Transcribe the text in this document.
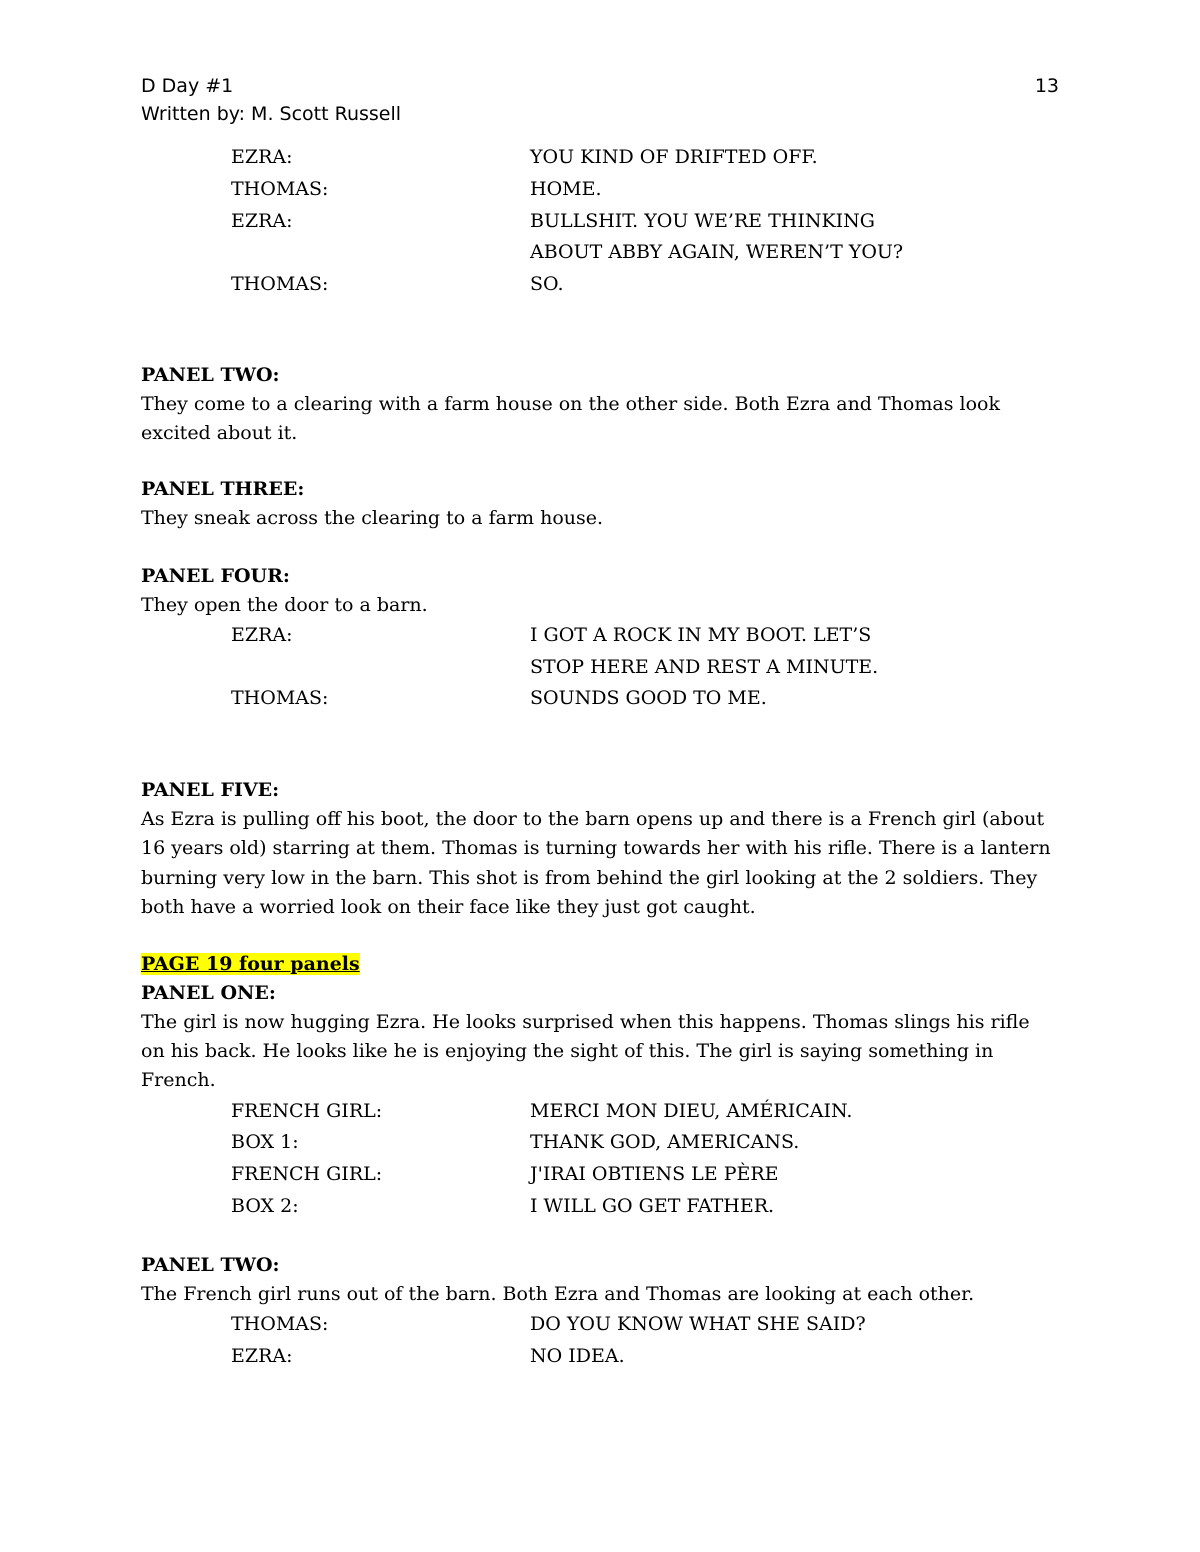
D Day #1
Written by: M. Scott Russell
13
EZRA:	YOU KIND OF DRIFTED OFF.
THOMAS:	HOME.
EZRA:	BULLSHIT. YOU WE’RE THINKING ABOUT ABBY AGAIN, WEREN’T YOU?
THOMAS:	SO.
PANEL TWO:
They come to a clearing with a farm house on the other side. Both Ezra and Thomas look excited about it.
PANEL THREE:
They sneak across the clearing to a farm house.
PANEL FOUR:
They open the door to a barn.
EZRA:	I GOT A ROCK IN MY BOOT. LET’S STOP HERE AND REST A MINUTE.
THOMAS:	SOUNDS GOOD TO ME.
PANEL FIVE:
As Ezra is pulling off his boot, the door to the barn opens up and there is a French girl (about 16 years old) starring at them. Thomas is turning towards her with his rifle. There is a lantern burning very low in the barn. This shot is from behind the girl looking at the 2 soldiers. They both have a worried look on their face like they just got caught.
PAGE 19 four panels
PANEL ONE:
The girl is now hugging Ezra. He looks surprised when this happens. Thomas slings his rifle on his back. He looks like he is enjoying the sight of this. The girl is saying something in French.
FRENCH GIRL:	MERCI MON DIEU, AMÉRICAIN.
BOX 1:	THANK GOD, AMERICANS.
FRENCH GIRL:	J'IRAI OBTIENS LE PÈRE
BOX 2:	I WILL GO GET FATHER.
PANEL TWO:
The French girl runs out of the barn. Both Ezra and Thomas are looking at each other.
THOMAS:	DO YOU KNOW WHAT SHE SAID?
EZRA:	NO IDEA.
